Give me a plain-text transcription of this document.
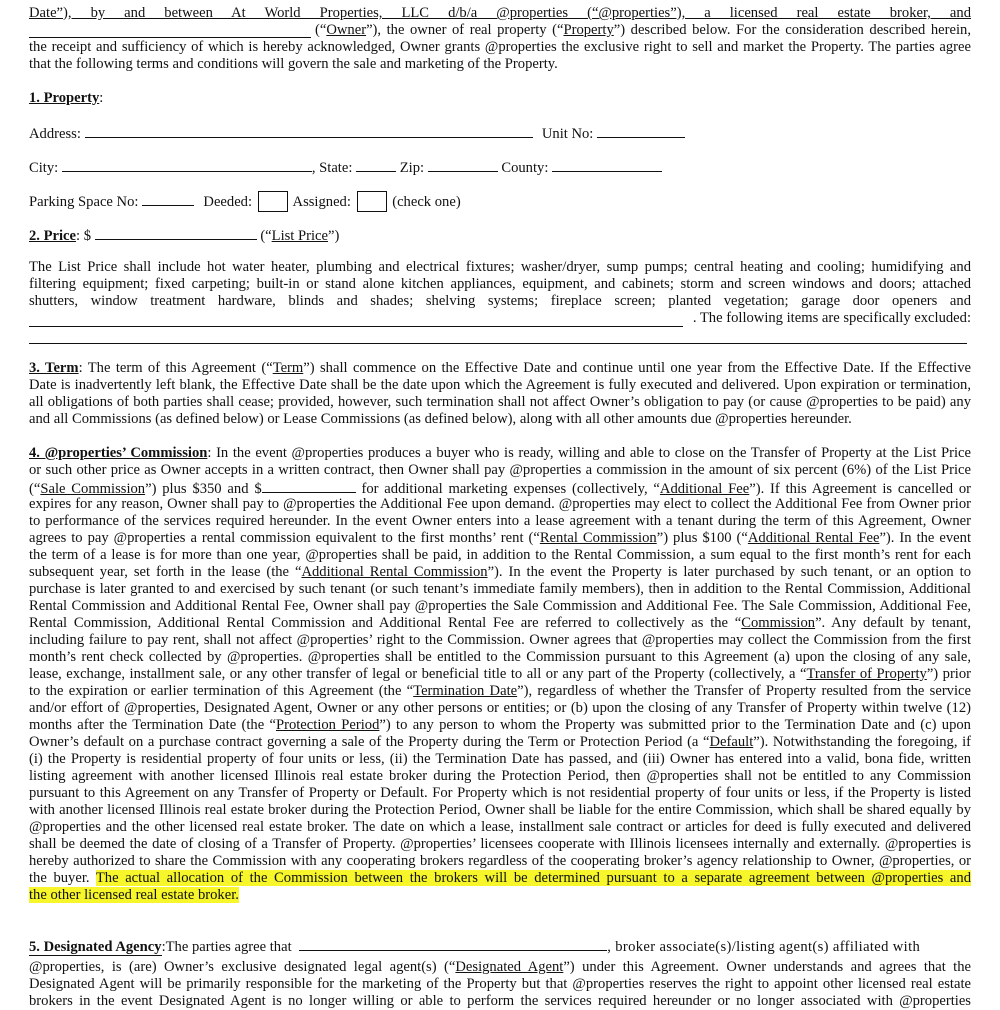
Date”), by and between At World Properties, LLC d/b/a @properties (“@properties”), a licensed real estate broker, and
(“Owner”), the owner of real property (“Property”) described below. For the consideration described herein,
the receipt and sufficiency of which is hereby acknowledged, Owner grants @properties the exclusive right to sell and market the Property. The parties agree
that the following terms and conditions will govern the sale and marketing of the Property.
1. Property:
Address:	Unit No:
City:	, State:	Zip:	County:
Parking Space No:	Deeded:	Assigned:	(check one)
2. Price: $	(“List Price”)
The List Price shall include hot water heater, plumbing and electrical fixtures; washer/dryer, sump pumps; central heating and cooling; humidifying and
filtering equipment; fixed carpeting; built-in or stand alone kitchen appliances, equipment, and cabinets; storm and screen windows and doors; attached
shutters, window treatment hardware, blinds and shades; shelving systems; fireplace screen; planted vegetation; garage door openers and
. The following items are specifically excluded:
3. Term: The term of this Agreement (“Term”) shall commence on the Effective Date and continue until one year from the Effective Date. If the Effective
Date is inadvertently left blank, the Effective Date shall be the date upon which the Agreement is fully executed and delivered. Upon expiration or termination,
all obligations of both parties shall cease; provided, however, such termination shall not affect Owner’s obligation to pay (or cause @properties to be paid) any
and all Commissions (as defined below) or Lease Commissions (as defined below), along with all other amounts due @properties hereunder.
4. @properties’ Commission: In the event @properties produces a buyer who is ready, willing and able to close on the Transfer of Property at the List Price
or such other price as Owner accepts in a written contract, then Owner shall pay @properties a commission in the amount of six percent (6%) of the List Price
(“Sale Commission”) plus $350 and $	for additional marketing expenses (collectively, “Additional Fee”). If this Agreement is cancelled or
expires for any reason, Owner shall pay to @properties the Additional Fee upon demand. @properties may elect to collect the Additional Fee from Owner prior
to performance of the services required hereunder. In the event Owner enters into a lease agreement with a tenant during the term of this Agreement, Owner
agrees to pay @properties a rental commission equivalent to the first months’ rent (“Rental Commission”) plus $100 (“Additional Rental Fee”). In the event
the term of a lease is for more than one year, @properties shall be paid, in addition to the Rental Commission, a sum equal to the first month’s rent for each
subsequent year, set forth in the lease (the “Additional Rental Commission”). In the event the Property is later purchased by such tenant, or an option to
purchase is later granted to and exercised by such tenant (or such tenant’s immediate family members), then in addition to the Rental Commission, Additional
Rental Commission and Additional Rental Fee, Owner shall pay @properties the Sale Commission and Additional Fee. The Sale Commission, Additional Fee,
Rental Commission, Additional Rental Commission and Additional Rental Fee are referred to collectively as the “Commission”. Any default by tenant,
including failure to pay rent, shall not affect @properties’ right to the Commission. Owner agrees that @properties may collect the Commission from the first
month’s rent check collected by @properties. @properties shall be entitled to the Commission pursuant to this Agreement (a) upon the closing of any sale,
lease, exchange, installment sale, or any other transfer of legal or beneficial title to all or any part of the Property (collectively, a “Transfer of Property”) prior
to the expiration or earlier termination of this Agreement (the “Termination Date”), regardless of whether the Transfer of Property resulted from the service
and/or effort of @properties, Designated Agent, Owner or any other persons or entities; or (b) upon the closing of any Transfer of Property within twelve (12)
months after the Termination Date (the “Protection Period”) to any person to whom the Property was submitted prior to the Termination Date and (c) upon
Owner’s default on a purchase contract governing a sale of the Property during the Term or Protection Period (a “Default”). Notwithstanding the foregoing, if
(i) the Property is residential property of four units or less, (ii) the Termination Date has passed, and (iii) Owner has entered into a valid, bona fide, written
listing agreement with another licensed Illinois real estate broker during the Protection Period, then @properties shall not be entitled to any Commission
pursuant to this Agreement on any Transfer of Property or Default. For Property which is not residential property of four units or less, if the Property is listed
with another licensed Illinois real estate broker during the Protection Period, Owner shall be liable for the entire Commission, which shall be shared equally by
@properties and the other licensed real estate broker. The date on which a lease, installment sale contract or articles for deed is fully executed and delivered
shall be deemed the date of closing of a Transfer of Property. @properties’ licensees cooperate with Illinois licensees internally and externally. @properties is
hereby authorized to share the Commission with any cooperating brokers regardless of the cooperating broker’s agency relationship to Owner, @properties, or
the buyer. The actual allocation of the Commission between the brokers will be determined pursuant to a separate agreement between @properties and
the other licensed real estate broker.
5. Designated Agency:The parties agree that	, broker associate(s)/listing agent(s) affiliated with
@properties, is (are) Owner’s exclusive designated legal agent(s) (“Designated Agent”) under this Agreement. Owner understands and agrees that the
Designated Agent will be primarily responsible for the marketing of the Property but that @properties reserves the right to appoint other licensed real estate
brokers in the event Designated Agent is no longer willing or able to perform the services required hereunder or no longer associated with @properties
